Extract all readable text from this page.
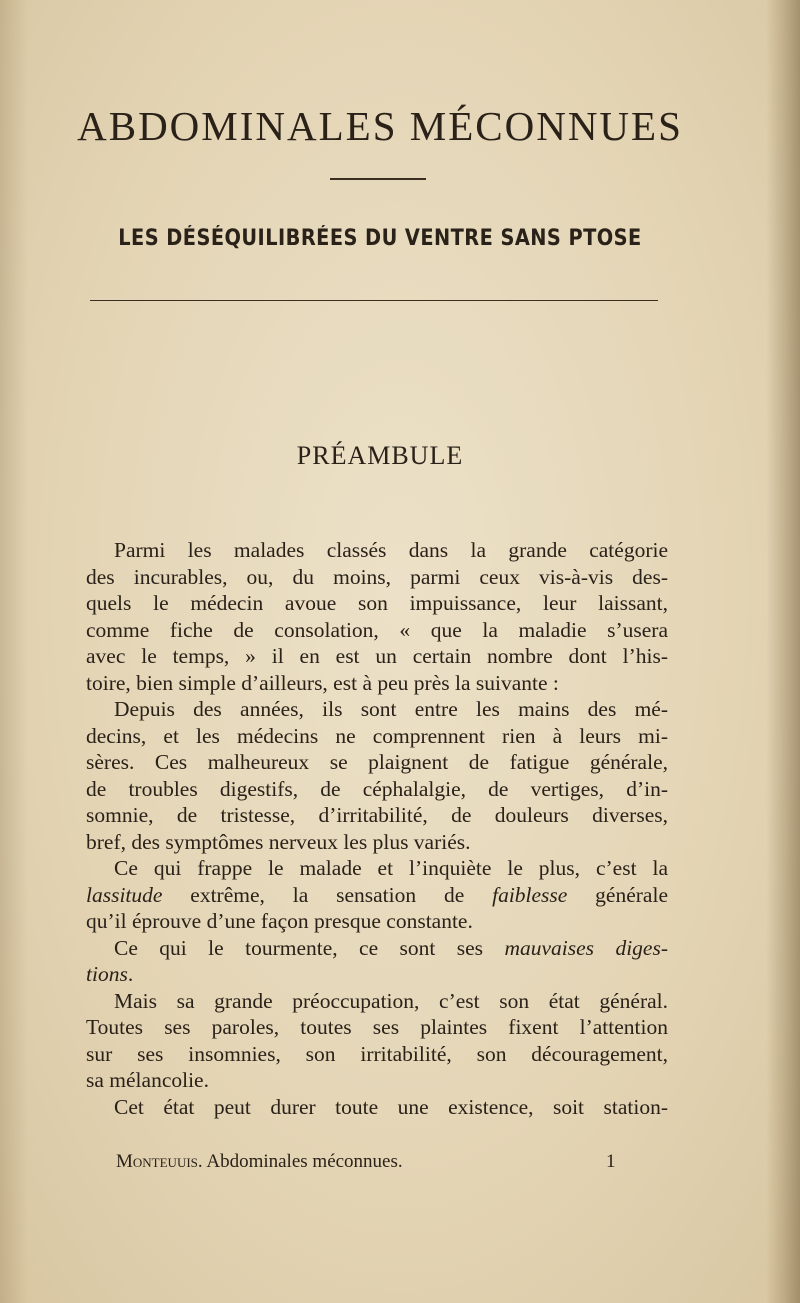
ABDOMINALES MÉCONNUES
LES DÉSÉQUILIBRÉES DU VENTRE SANS PTOSE
PRÉAMBULE
Parmi les malades classés dans la grande catégorie
des incurables, ou, du moins, parmi ceux vis-à-vis des-
quels le médecin avoue son impuissance, leur laissant,
comme fiche de consolation, « que la maladie s’usera
avec le temps, » il en est un certain nombre dont l’his-
toire, bien simple d’ailleurs, est à peu près la suivante :
Depuis des années, ils sont entre les mains des mé-
decins, et les médecins ne comprennent rien à leurs mi-
sères. Ces malheureux se plaignent de fatigue générale,
de troubles digestifs, de céphalalgie, de vertiges, d’in-
somnie, de tristesse, d’irritabilité, de douleurs diverses,
bref, des symptômes nerveux les plus variés.
Ce qui frappe le malade et l’inquiète le plus, c’est la
lassitude extrême, la sensation de faiblesse générale
qu’il éprouve d’une façon presque constante.
Ce qui le tourmente, ce sont ses mauvaises diges-
tions.
Mais sa grande préoccupation, c’est son état général.
Toutes ses paroles, toutes ses plaintes fixent l’attention
sur ses insomnies, son irritabilité, son découragement,
sa mélancolie.
Cet état peut durer toute une existence, soit station-
Monteuuis. Abdominales méconnues.	1
